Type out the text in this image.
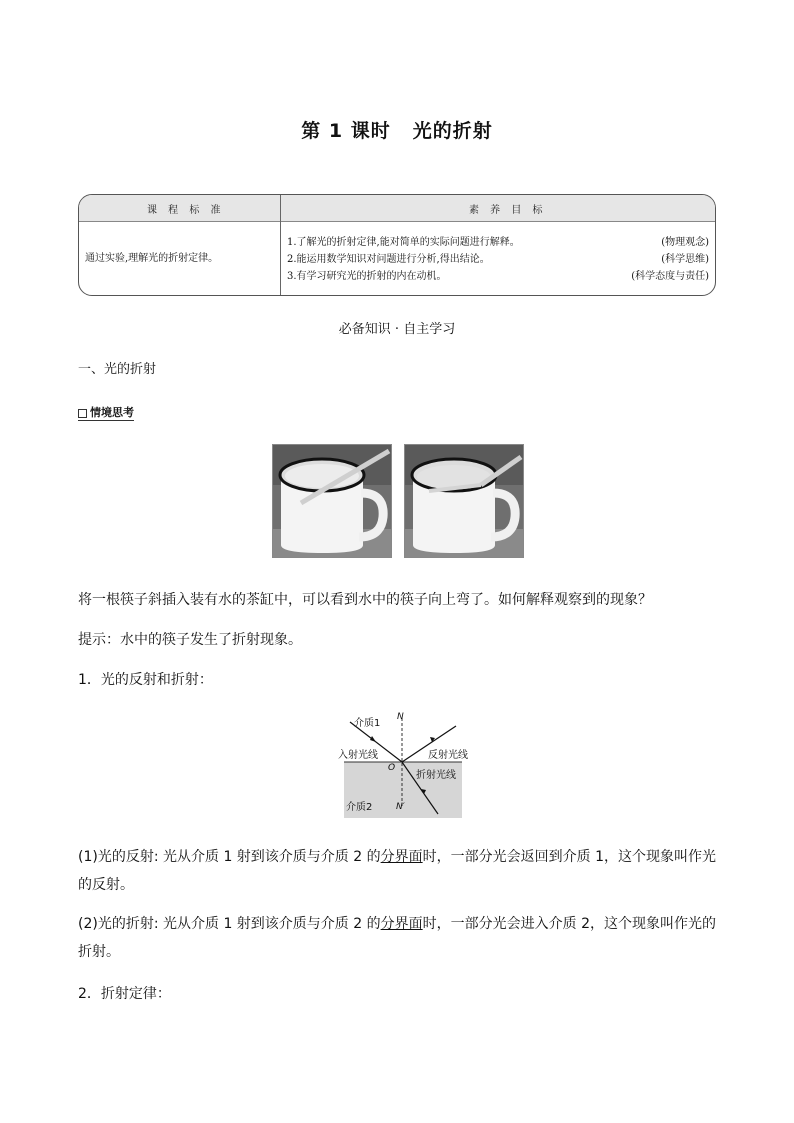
第 1 课时 光的折射
课 程 标 准	素 养 目 标
通过实验,理解光的折射定律。
1.了解光的折射定律,能对简单的实际问题进行解释。	(物理观念)
2.能运用数学知识对问题进行分析,得出结论。	(科学思维)
3.有学习研究光的折射的内在动机。	(科学态度与责任)
必备知识 · 自主学习
一、光的折射
情境思考
将一根筷子斜插入装有水的茶缸中，可以看到水中的筷子向上弯了。如何解释观察到的现象？
提示：水中的筷子发生了折射现象。
1．光的反射和折射：
介质1
N
入射光线	反射光线
O
折射光线
介质2	N′
(1)光的反射: 光从介质 1 射到该介质与介质 2 的分界面时，一部分光会返回到介质 1，这个现象叫作光的反射。
(2)光的折射: 光从介质 1 射到该介质与介质 2 的分界面时，一部分光会进入介质 2，这个现象叫作光的折射。
2．折射定律：
